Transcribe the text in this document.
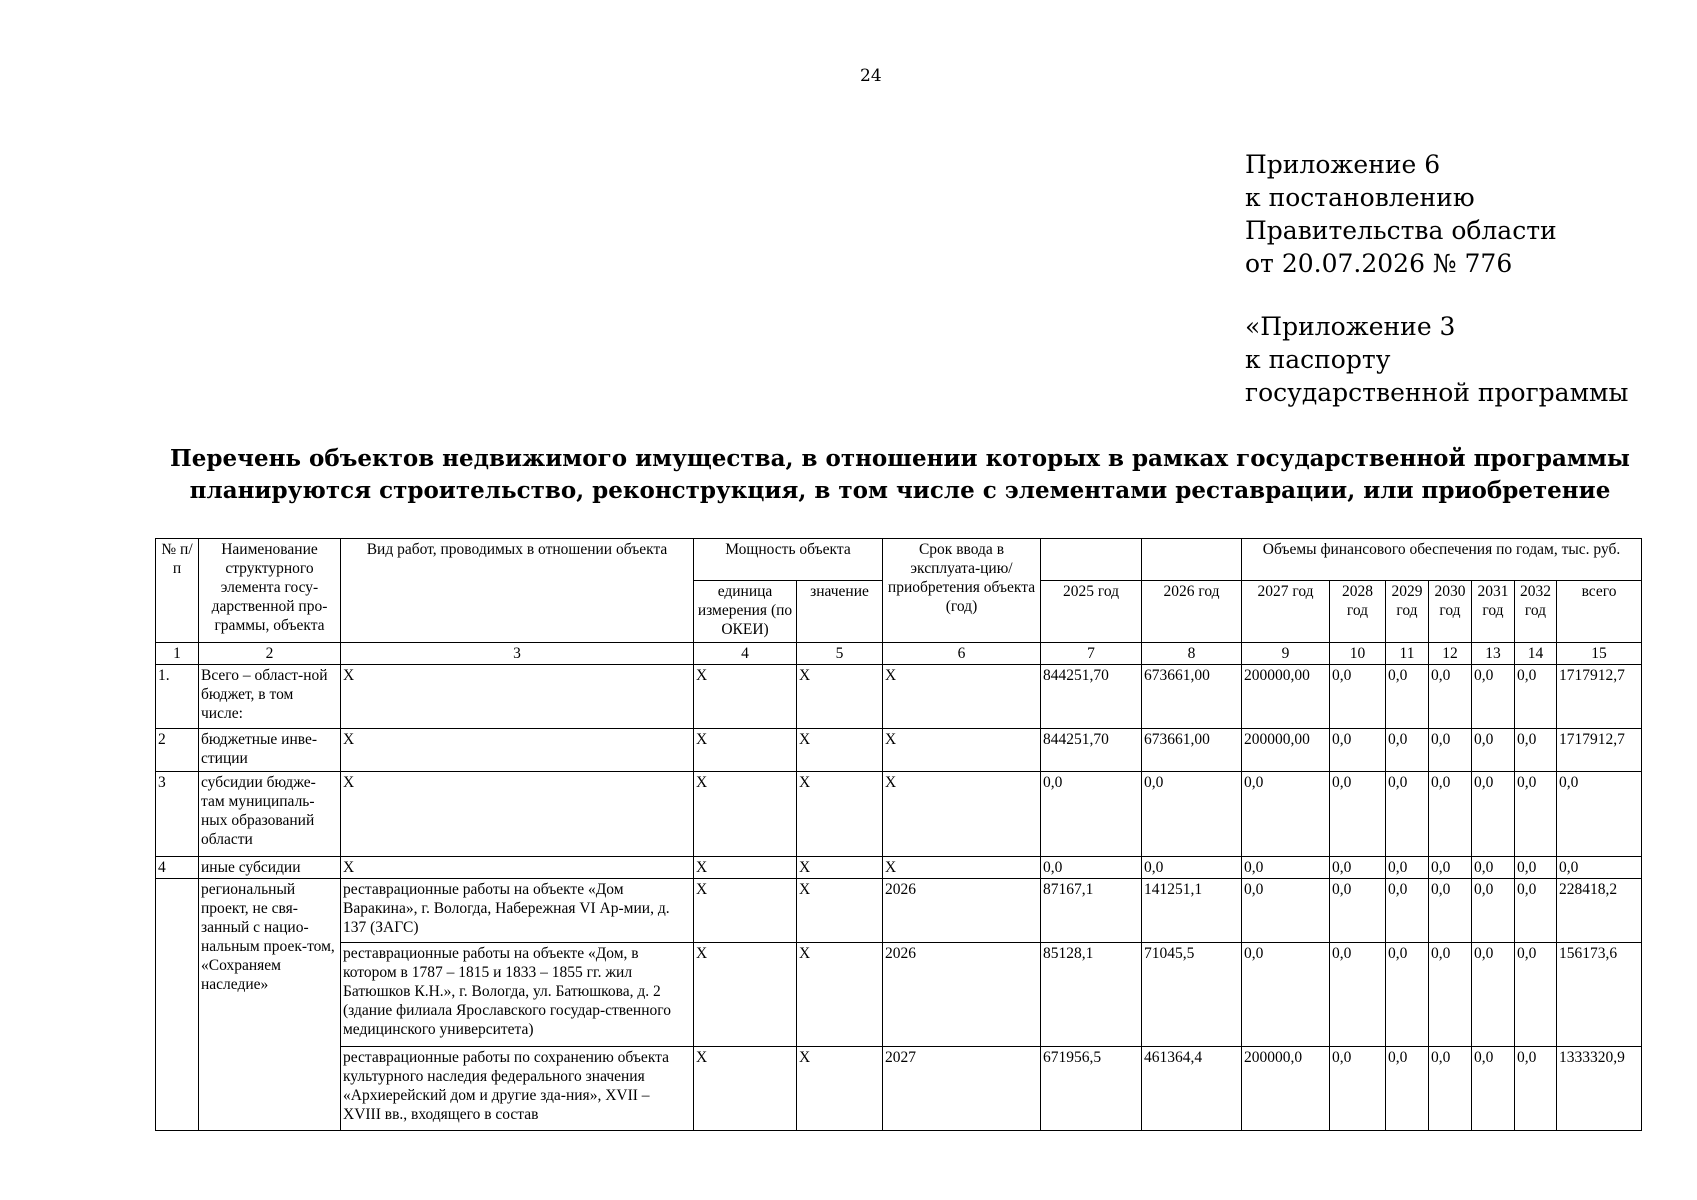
24
Приложение 6
к постановлению
Правительства области
от 20.07.2026 № 776
«Приложение 3
к паспорту
государственной программы
Перечень объектов недвижимого имущества, в отношении которых в рамках государственной программы
планируются строительство, реконструкция, в том числе с элементами реставрации, или приобретение
№ п/п	Наименование структурного элемента госу-дарственной про-граммы, объекта	Вид работ, проводимых в отношении объекта	Мощность объекта		Срок ввода в эксплуата-цию/приобретения объекта (год)			Объемы финансового обеспечения по годам, тыс. руб.						
			единица измерения (по ОКЕИ)	значение		2025 год	2026 год	2027 год	2028 год	2029 год	2030 год	2031 год	2032 год	всего
1	2	3	4	5	6	7	8	9	10	11	12	13	14	15
1.	Всего – област-ной бюджет, в том числе:	Х	Х	Х	Х	844251,70	673661,00	200000,00	0,0	0,0	0,0	0,0	0,0	1717912,7
2	бюджетные инве-стиции	Х	Х	Х	Х	844251,70	673661,00	200000,00	0,0	0,0	0,0	0,0	0,0	1717912,7
3	субсидии бюдже-там муниципаль-ных образований области	Х	Х	Х	Х	0,0	0,0	0,0	0,0	0,0	0,0	0,0	0,0	0,0
4	иные субсидии	Х	Х	Х	Х	0,0	0,0	0,0	0,0	0,0	0,0	0,0	0,0	0,0
	региональный проект, не свя-занный с нацио-нальным проек-том, «Сохраняем наследие»	реставрационные работы на объекте «Дом Варакина», г. Вологда, Набережная VI Ар-мии, д. 137 (ЗАГС)	Х	Х	2026	87167,1	141251,1	0,0	0,0	0,0	0,0	0,0	0,0	228418,2
		реставрационные работы на объекте «Дом, в котором в 1787 – 1815 и 1833 – 1855 гг. жил Батюшков К.Н.», г. Вологда, ул. Батюшкова, д. 2 (здание филиала Ярославского государ-ственного медицинского университета)	Х	Х	2026	85128,1	71045,5	0,0	0,0	0,0	0,0	0,0	0,0	156173,6
		реставрационные работы по сохранению объекта культурного наследия федерального значения «Архиерейский дом и другие зда-ния», XVII – XVIII вв., входящего в состав	Х	Х	2027	671956,5	461364,4	200000,0	0,0	0,0	0,0	0,0	0,0	1333320,9
